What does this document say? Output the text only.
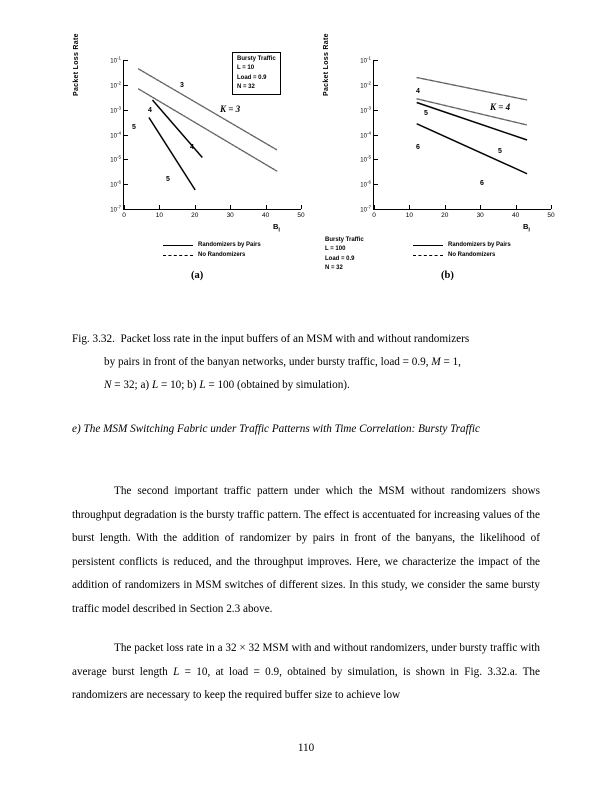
Packet Loss Rate	$10^{-1}$
$10^{-2}$
$10^{-3}$
$10^{-4}$
$10^{-5}$
$10^{-6}$
$10^{-7}$
0	10	20	30	40	50
Bursty Traffic
L = 10
Load = 0.9
N = 32
3
4
5
4
5
K = 3
$B_I$
Randomizers by Pairs
No Randomizers
(a)
Packet Loss Rate	$10^{-1}$
$10^{-2}$
$10^{-3}$
$10^{-4}$
$10^{-5}$
$10^{-6}$
$10^{-7}$
0	10	20	30	40	50
4
5
6
5
6
K = 4
$B_I$
Bursty Traffic
L = 100
Load = 0.9
N = 32
Randomizers by Pairs
No Randomizers
(b)
Fig. 3.32. Packet loss rate in the input buffers of an MSM with and without randomizers
by pairs in front of the banyan networks, under bursty traffic, load = 0.9, M = 1,
N = 32; a) L = 10; b) L = 100 (obtained by simulation).
e) The MSM Switching Fabric under Traffic Patterns with Time Correlation: Bursty Traffic

The second important traffic pattern under which the MSM without randomizers shows throughput degradation is the bursty traffic pattern. The effect is accentuated for increasing values of the burst length. With the addition of randomizer by pairs in front of the banyans, the likelihood of persistent conflicts is reduced, and the throughput improves. Here, we characterize the impact of the addition of randomizers in MSM switches of different sizes. In this study, we consider the same bursty traffic model described in Section 2.3 above.

The packet loss rate in a 32 × 32 MSM with and without randomizers, under bursty traffic with average burst length L = 10, at load = 0.9, obtained by simulation, is shown in Fig. 3.32.a. The randomizers are necessary to keep the required buffer size to achieve low

110
